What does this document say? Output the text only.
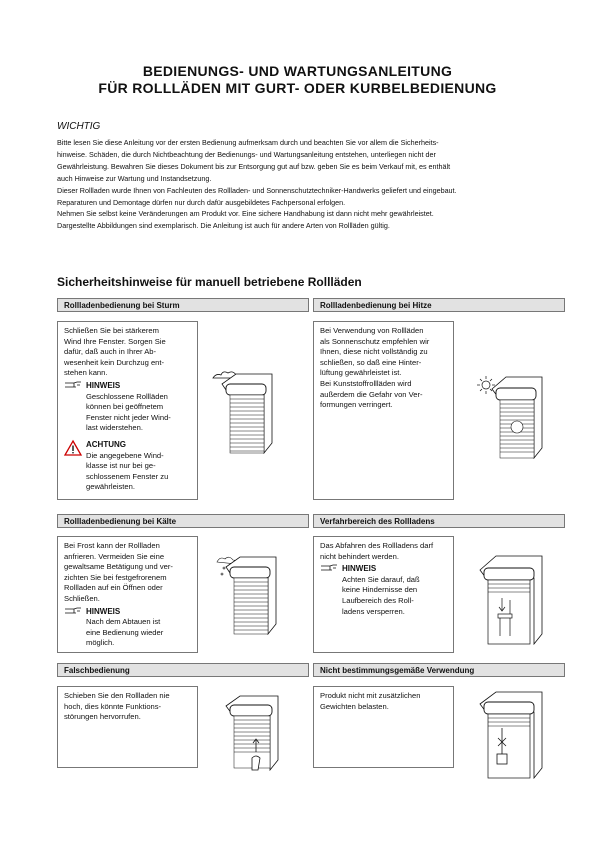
BEDIENUNGS- UND WARTUNGSANLEITUNG
FÜR ROLLLÄDEN MIT GURT- ODER KURBELBEDIENUNG
WICHTIG

Bitte lesen Sie diese Anleitung vor der ersten Bedienung aufmerksam durch und beachten Sie vor allem die Sicherheits-

hinweise. Schäden, die durch Nichtbeachtung der Bedienungs- und Wartungsanleitung entstehen, unterliegen nicht der

Gewährleistung. Bewahren Sie dieses Dokument bis zur Entsorgung gut auf bzw. geben Sie es beim Verkauf mit, es enthält

auch Hinweise zur Wartung und Instandsetzung.

Dieser Rollladen wurde Ihnen von Fachleuten des Rollladen- und Sonnenschutztechniker-Handwerks geliefert und eingebaut.

Reparaturen und Demontage dürfen nur durch dafür ausgebildetes Fachpersonal erfolgen.

Nehmen Sie selbst keine Veränderungen am Produkt vor. Eine sichere Handhabung ist dann nicht mehr gewährleistet.

Dargestellte Abbildungen sind exemplarisch. Die Anleitung ist auch für andere Arten von Rollläden gültig.

Sicherheitshinweise für manuell betriebene Rollläden
Rollladenbedienung bei Sturm	Rollladenbedienung bei Hitze

Schließen Sie bei stärkerem

Wind Ihre Fenster. Sorgen Sie

dafür, daß auch in Ihrer Ab-

wesenheit kein Durchzug ent-

stehen kann.

HINWEIS

Geschlossene Rollläden

können bei geöffnetem

Fenster nicht jeder Wind-

last widerstehen.

ACHTUNG

Die angegebene Wind-

klasse ist nur bei ge-

schlossenem Fenster zu

gewährleisten.

Bei Verwendung von Rollläden

als Sonnenschutz empfehlen wir

Ihnen, diese nicht vollständig zu

schließen, so daß eine Hinter-

lüftung gewährleistet ist.

Bei Kunststoffrollläden wird

außerdem die Gefahr von Ver-

formungen verringert.

Rollladenbedienung bei Kälte	Verfahrbereich des Rollladens

Bei Frost kann der Rollladen

anfrieren. Vermeiden Sie eine

gewaltsame Betätigung und ver-

zichten Sie bei festgefrorenem

Rollladen auf ein Öffnen oder

Schließen.

HINWEIS

Nach dem Abtauen ist

eine Bedienung wieder

möglich.

Das Abfahren des Rollladens darf

nicht behindert werden.

HINWEIS

Achten Sie darauf, daß

keine Hindernisse den

Laufbereich des Roll-

ladens versperren.

Falschbedienung	Nicht bestimmungsgemäße Verwendung

Schieben Sie den Rollladen nie

hoch, dies könnte Funktions-

störungen hervorrufen.

Produkt nicht mit zusätzlichen

Gewichten belasten.
